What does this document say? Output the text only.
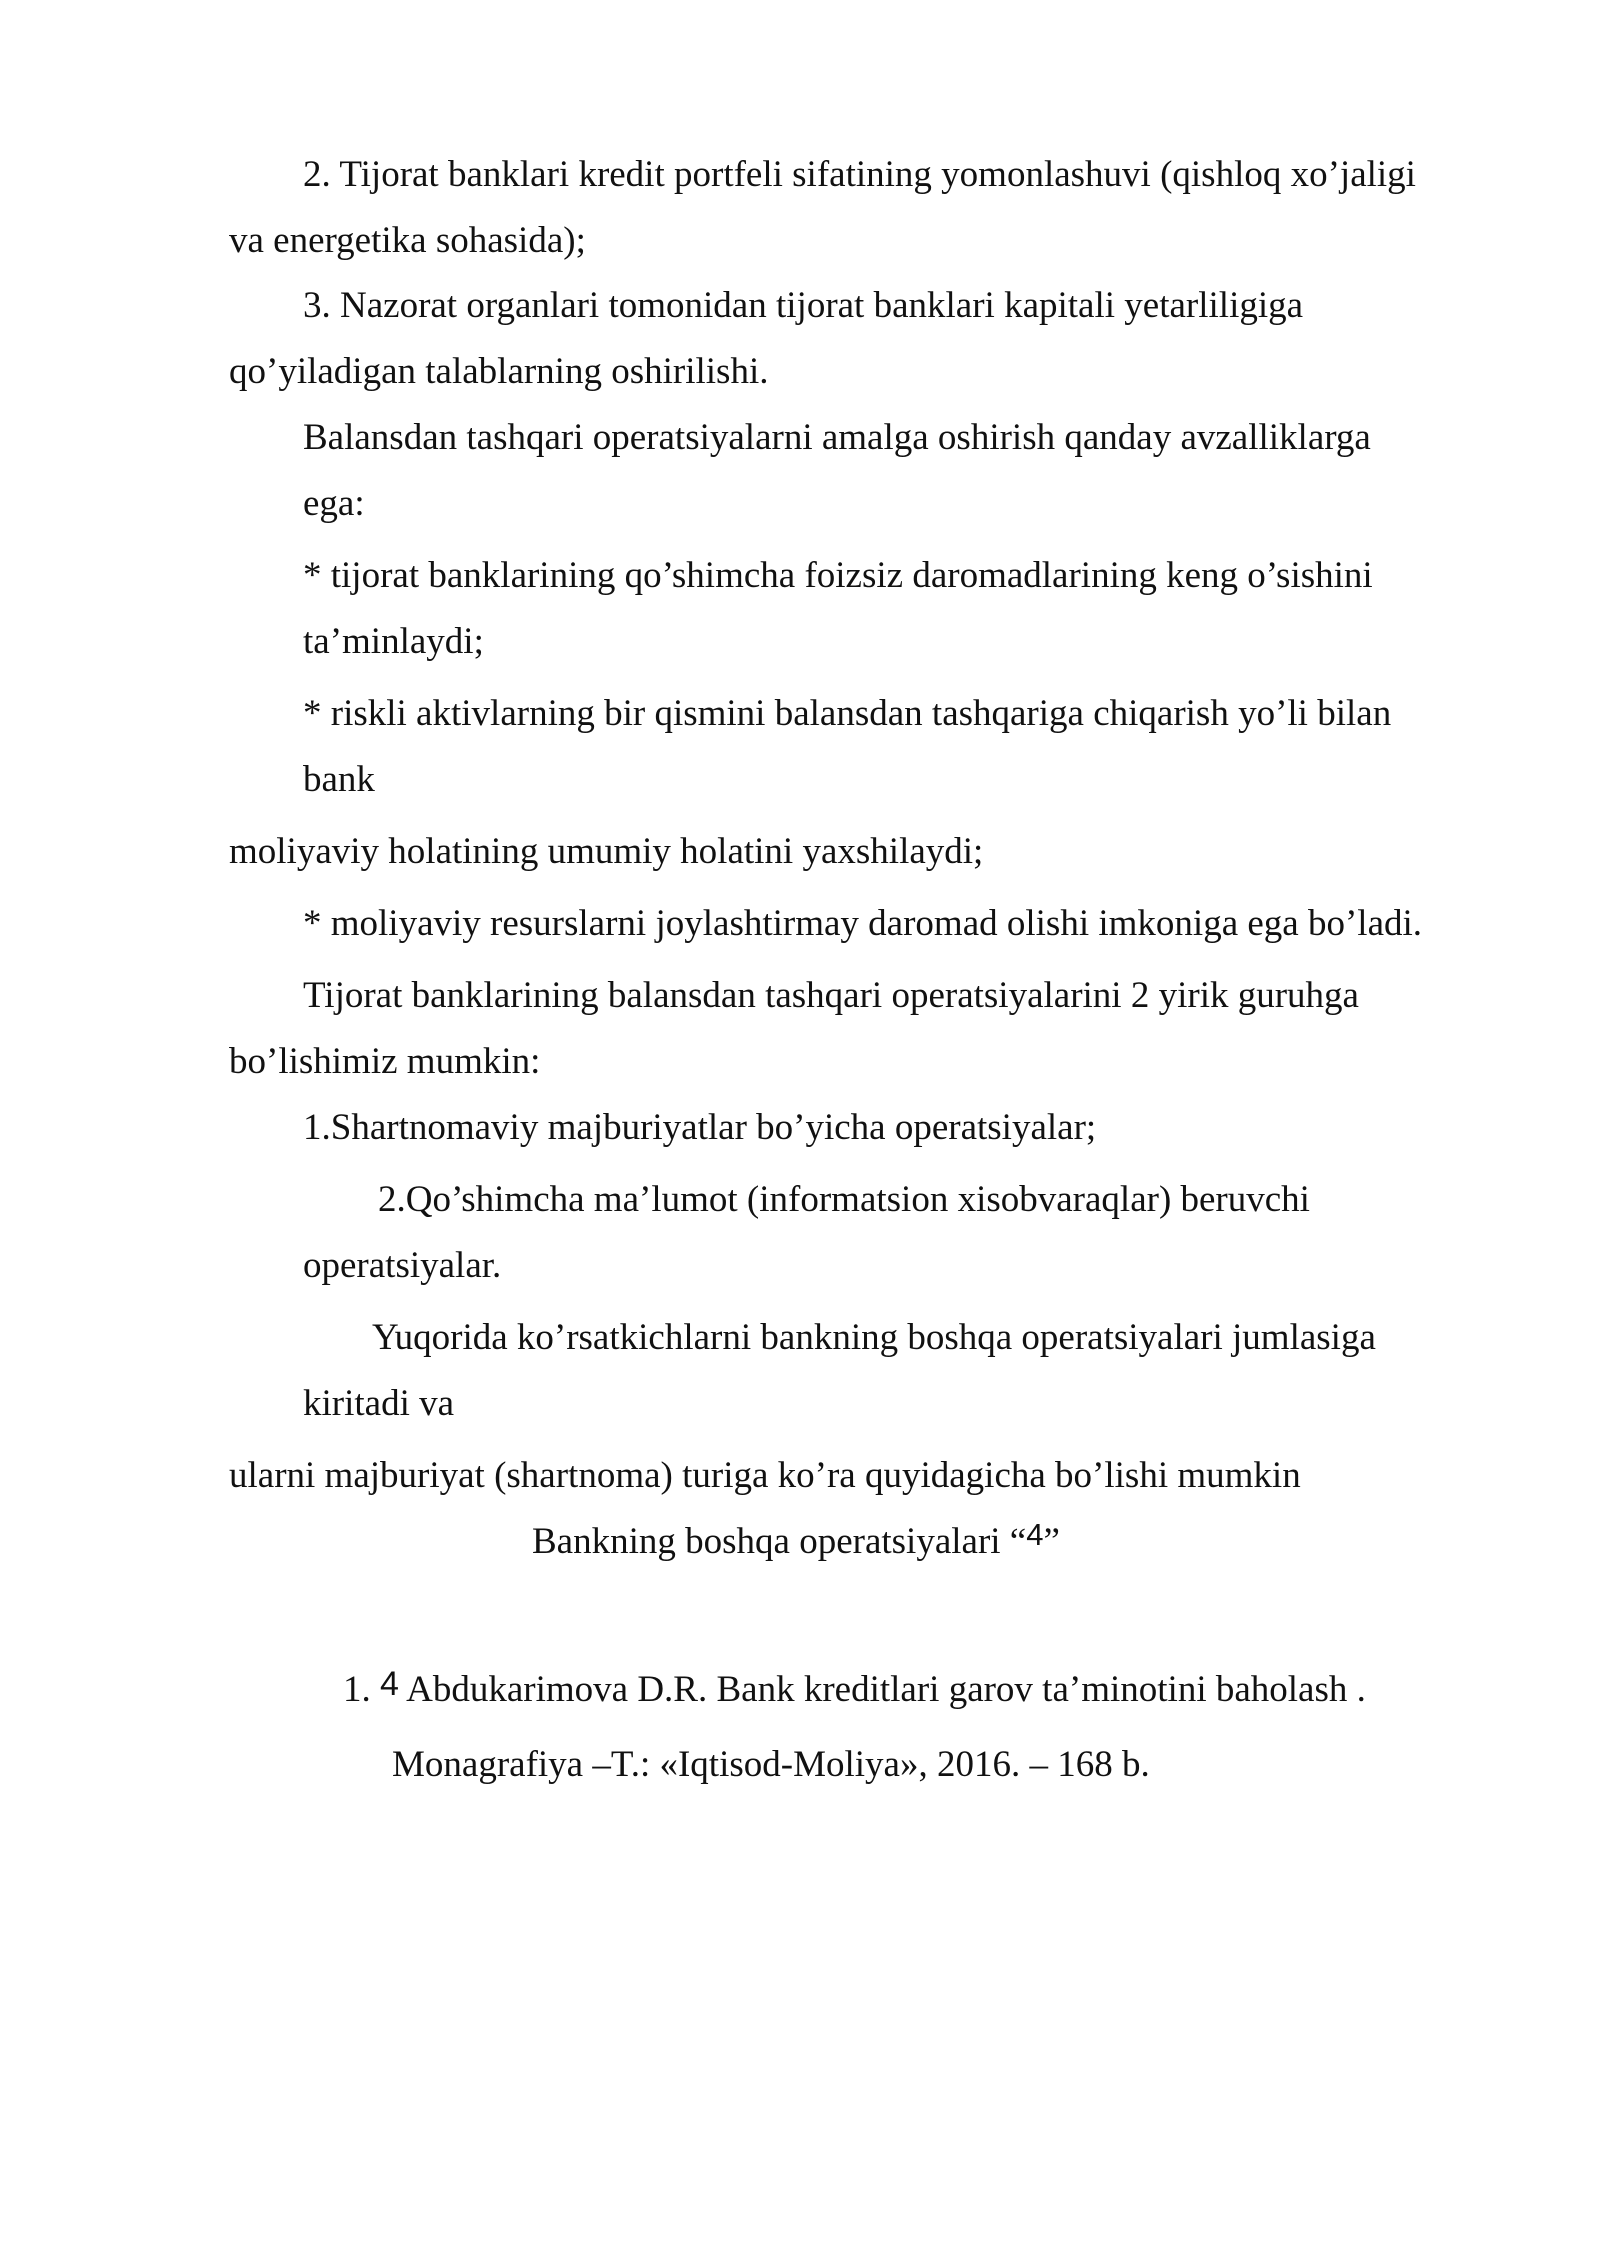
2. Tijorat banklari kredit portfeli sifatining yomonlashuvi (qishloq xo’jaligi

va energetika sohasida);

3. Nazorat organlari tomonidan tijorat banklari kapitali yetarliligiga

qo’yiladigan talablarning oshirilishi.

Balansdan tashqari operatsiyalarni amalga oshirish qanday avzalliklarga

ega:

* tijorat banklarining qo’shimcha foizsiz daromadlarining keng o’sishini

ta’minlaydi;

* riskli aktivlarning bir qismini balansdan tashqariga chiqarish yo’li bilan

bank

moliyaviy holatining umumiy holatini yaxshilaydi;

* moliyaviy resurslarni joylashtirmay daromad olishi imkoniga ega bo’ladi.

Tijorat banklarining balansdan tashqari operatsiyalarini 2 yirik guruhga

bo’lishimiz mumkin:

1.Shartnomaviy majburiyatlar bo’yicha operatsiyalar;

2.Qo’shimcha ma’lumot (informatsion xisobvaraqlar) beruvchi

operatsiyalar.

Yuqorida ko’rsatkichlarni bankning boshqa operatsiyalari jumlasiga

kiritadi va

ularni majburiyat (shartnoma) turiga ko’ra quyidagicha bo’lishi mumkin

Bankning boshqa operatsiyalari “$^4$”

1. 4 Abdukarimova D.R. Bank kreditlari garov ta’minotini baholash .

Monagrafiya –T.: «Iqtisod-Moliya», 2016. – 168 b.
